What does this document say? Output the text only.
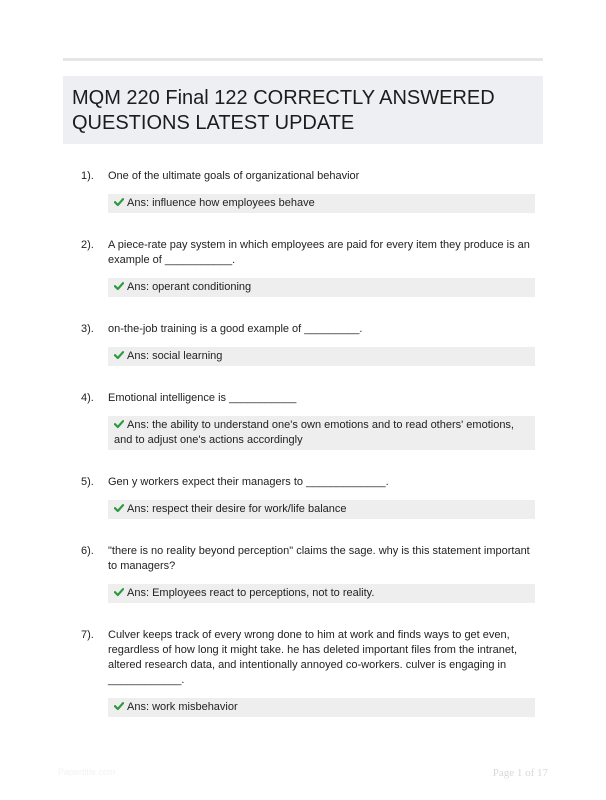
MQM 220 Final 122 CORRECTLY ANSWERED
QUESTIONS LATEST UPDATE
1). One of the ultimate goals of organizational behavior
Ans: influence how employees behave
2). A piece-rate pay system in which employees are paid for every item they produce is an example of ___________.
Ans: operant conditioning
3). on-the-job training is a good example of _________.
Ans: social learning
4). Emotional intelligence is ___________
Ans: the ability to understand one's own emotions and to read others' emotions, and to adjust one's actions accordingly
5). Gen y workers expect their managers to _____________.
Ans: respect their desire for work/life balance
6). "there is no reality beyond perception" claims the sage. why is this statement important to managers?
Ans: Employees react to perceptions, not to reality.
7). Culver keeps track of every wrong done to him at work and finds ways to get even, regardless of how long it might take. he has deleted important files from the intranet, altered research data, and intentionally annoyed co-workers. culver is engaging in ____________.
Ans: work misbehavior
Papertitle.com	Page 1 of 17
